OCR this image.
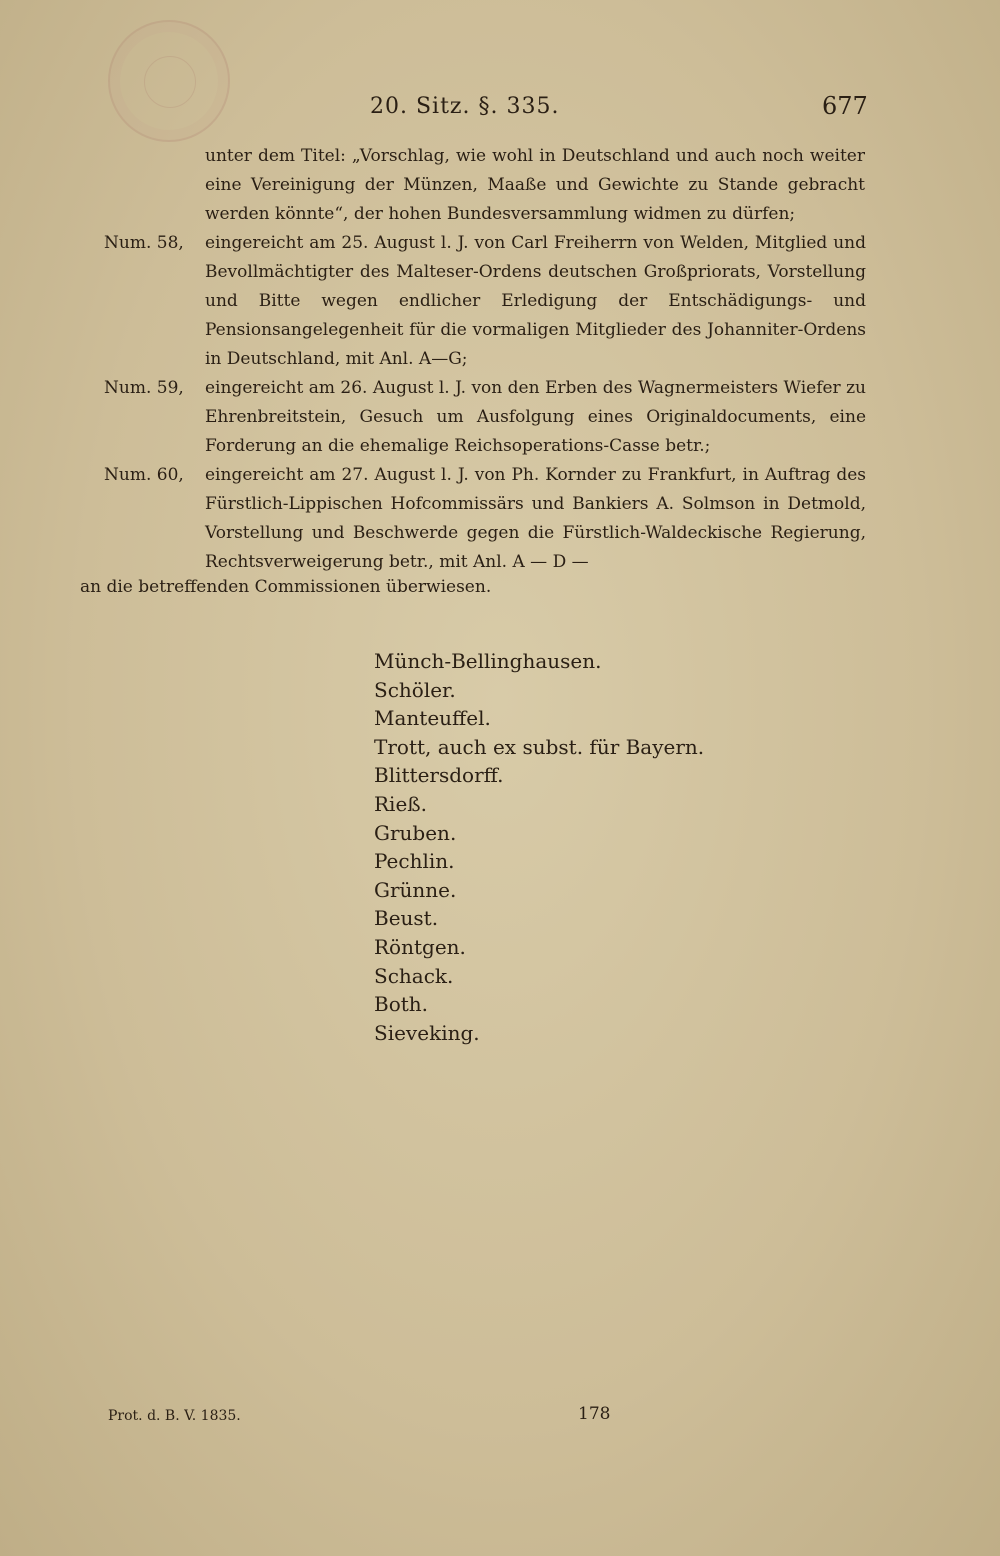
20. Sitz. §. 335.	677
unter dem Titel: „Vorschlag, wie wohl in Deutschland und auch noch weiter eine Vereinigung der Münzen, Maaße und Gewichte zu Stande gebracht werden könnte“, der hohen Bundesversammlung widmen zu dürfen;
Num. 58,	eingereicht am 25. August l. J. von Carl Freiherrn von Welden, Mitglied und Bevollmächtigter des Malteser-Ordens deutschen Großpriorats, Vorstellung und Bitte wegen endlicher Erledigung der Entschädigungs- und Pensionsangelegenheit für die vormaligen Mitglieder des Johanniter-Ordens in Deutschland, mit Anl. A—G;
Num. 59,	eingereicht am 26. August l. J. von den Erben des Wagnermeisters Wiefer zu Ehrenbreitstein, Gesuch um Ausfolgung eines Originaldocuments, eine Forderung an die ehemalige Reichsoperations-Casse betr.;
Num. 60,	eingereicht am 27. August l. J. von Ph. Kornder zu Frankfurt, in Auftrag des Fürstlich-Lippischen Hofcommissärs und Bankiers A. Solmson in Detmold, Vorstellung und Beschwerde gegen die Fürstlich-Waldeckische Regierung, Rechtsverweigerung betr., mit Anl. A — D —
an die betreffenden Commissionen überwiesen.
Münch-Bellinghausen.
Schöler.
Manteuffel.
Trott, auch ex subst. für Bayern.
Blittersdorff.
Rieß.
Gruben.
Pechlin.
Grünne.
Beust.
Röntgen.
Schack.
Both.
Sieveking.
Prot. d. B. V. 1835.	178
